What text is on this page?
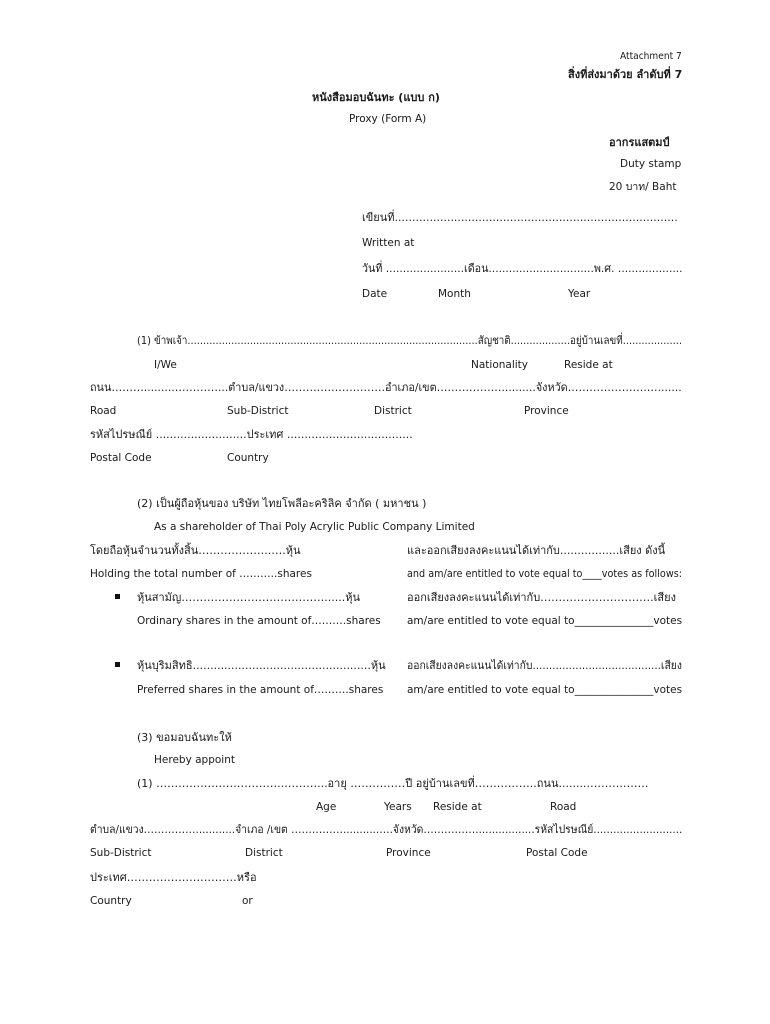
Attachment 7
สิ่งที่ส่งมาด้วย ลำดับที่ 7
หนังสือมอบฉันทะ (แบบ ก)
Proxy (Form A)
อากรแสตมป์
Duty stamp
20 บาท/ Baht
เขียนที่.................................................................................
Written at
วันที่ .......................เดือน...............................พ.ศ. ...................
Date	Month	Year
(1) ข้าพเจ้า.............................................................................................สัญชาติ...................อยู่บ้านเลขที่...................
I/We	Nationality	Reside at
ถนน……….........…………...ตำบล/แขวง……………………….อำเภอ/เขต………………..........จังหวัด………………….….......
Road	Sub-District	District	Province
รหัสไปรษณีย์ ..........................ประเทศ ....................................
Postal Code	Country
(2) เป็นผู้ถือหุ้นของ บริษัท ไทยโพลีอะคริลิค จำกัด ( มหาชน )
As a shareholder of Thai Poly Acrylic Public Company Limited
โดยถือหุ้นจำนวนทั้งสิ้น………………..….หุ้น	และออกเสียงลงคะแนนได้เท่ากับ.................เสียง ดังนี้
Holding the total number of ………..shares	and am/are entitled to vote equal to____votes as follows:
หุ้นสามัญ…………………………………......หุ้น	ออกเสียงลงคะแนนได้เท่ากับ………………………….เสียง
Ordinary shares in the amount of……….shares	am/are entitled to vote equal to_______________votes
หุ้นบุริมสิทธิ...................................................หุ้น ออกเสียงลงคะแนนได้เท่ากับ.......................................เสียง
Preferred shares in the amount of……….shares am/are entitled to vote equal to_______________votes
(3) ขอมอบฉันทะให้
Hereby appoint
(1) ……………………………..………...อายุ ……………ปี อยู่บ้านเลขที่……………..ถนน........……….…….
Age	Years Reside at	Road
ตำบล/แขวง……………............จำเภอ /เขต ……………...........….จังหวัด……………..................รหัสไปรษณีย์...........................
Sub-District	District	Province	Postal Code
ประเทศ…………………………หรือ
Country	or
